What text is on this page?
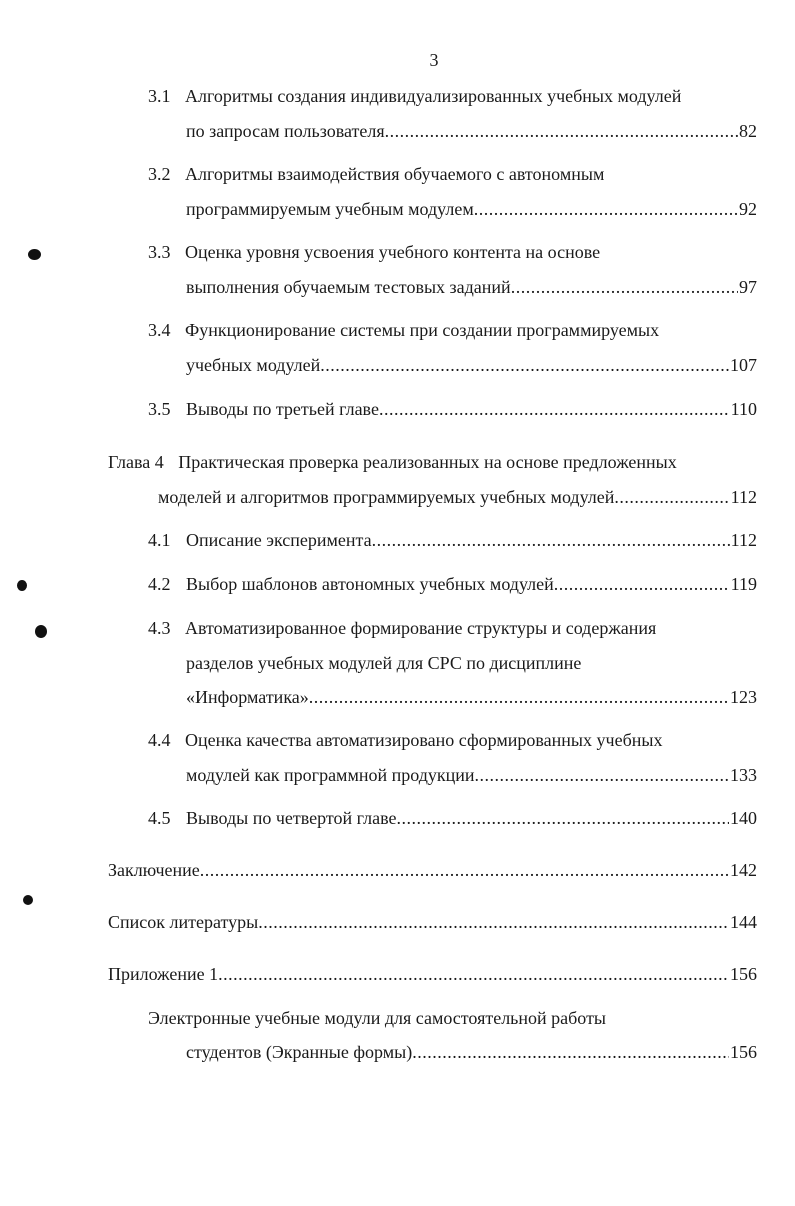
3
3.1 Алгоритмы создания индивидуализированных учебных модулей
по запросам пользователя .....	82
3.2 Алгоритмы взаимодействия обучаемого с автономным
программируемым учебным модулем .....	92
3.3 Оценка уровня усвоения учебного контента на основе
выполнения обучаемым тестовых заданий .....	97
3.4 Функционирование системы при создании программируемых
учебных модулей .....	107
3.5 Выводы по третьей главе .....	110
Глава 4 Практическая проверка реализованных на основе предложенных
моделей и алгоритмов программируемых учебных модулей .....	112
4.1 Описание эксперимента .....	112
4.2 Выбор шаблонов автономных учебных модулей .....	119
4.3 Автоматизированное формирование структуры и содержания
разделов учебных модулей для СРС по дисциплине
«Информатика» .....	123
4.4 Оценка качества автоматизировано сформированных учебных
модулей как программной продукции .....	133
4.5 Выводы по четвертой главе .....	140
Заключение .....	142
Список литературы .....	144
Приложение 1 .....	156
Электронные учебные модули для самостоятельной работы
студентов (Экранные формы) .....	156
